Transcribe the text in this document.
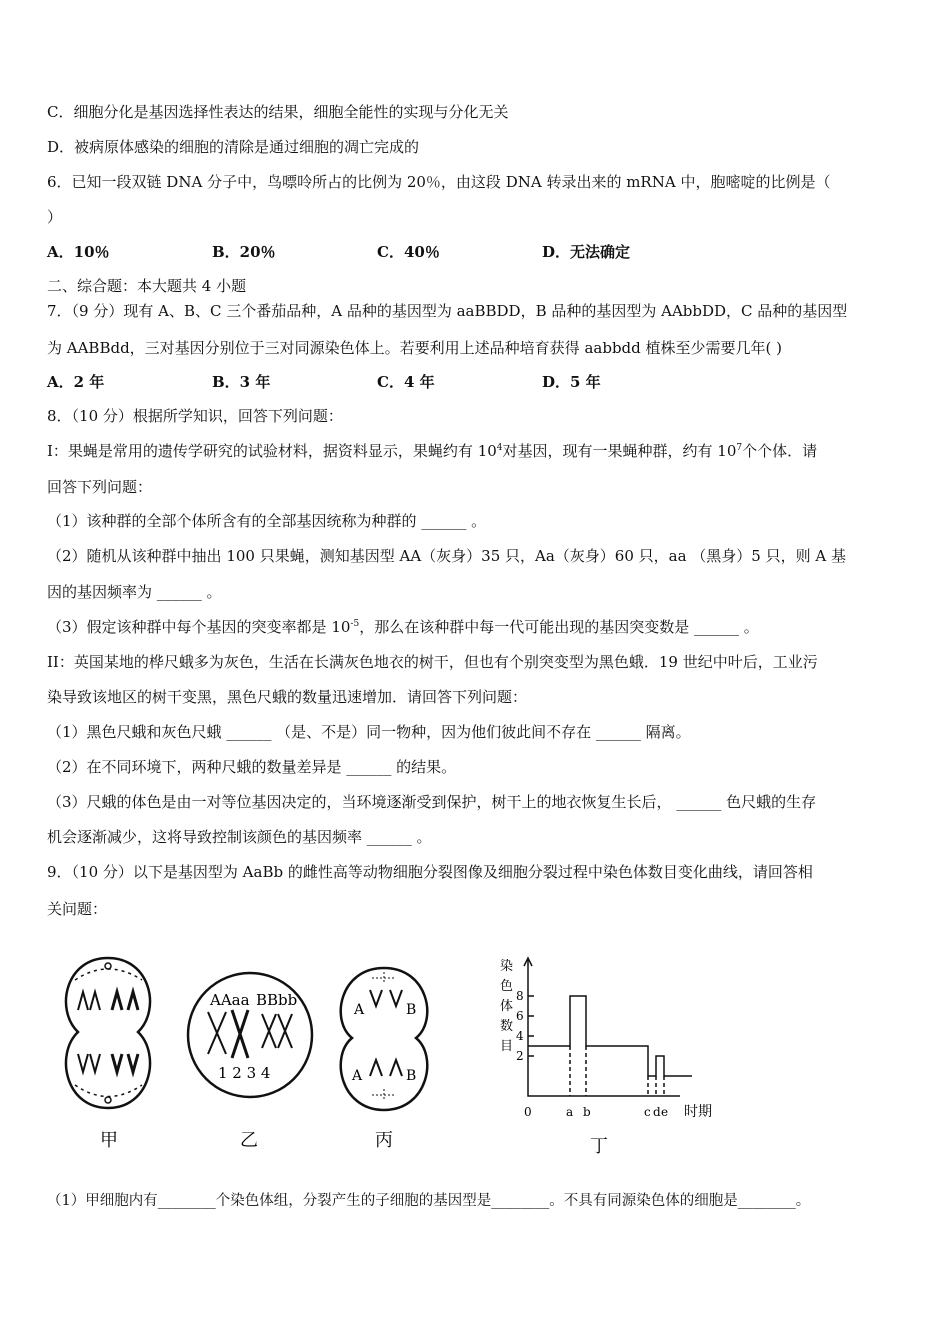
C．细胞分化是基因选择性表达的结果，细胞全能性的实现与分化无关
D．被病原体感染的细胞的清除是通过细胞的凋亡完成的
6．已知一段双链 DNA 分子中，鸟嘌呤所占的比例为 20％，由这段 DNA 转录出来的 mRNA 中，胞嘧啶的比例是（
）
A．10％	B．20％	C．40％	D．无法确定
二、综合题：本大题共 4 小题
7．（9 分）现有 A、B、C 三个番茄品种，A 品种的基因型为 aaBBDD，B 品种的基因型为 AAbbDD，C 品种的基因型
为 AABBdd，三对基因分别位于三对同源染色体上。若要利用上述品种培育获得 aabbdd 植株至少需要几年( )
A．2 年	B．3 年	C．4 年	D．5 年
8．（10 分）根据所学知识，回答下列问题：
I：果蝇是常用的遗传学研究的试验材料，据资料显示，果蝇约有 $10^4$对基因，现有一果蝇种群，约有 $10^7$个个体．请
回答下列问题：
（1）该种群的全部个体所含有的全部基因统称为种群的 ______ 。
（2）随机从该种群中抽出 100 只果蝇，测知基因型 AA（灰身）35 只，Aa（灰身）60 只，aa （黑身）5 只，则 A 基
因的基因频率为 ______ 。
（3）假定该种群中每个基因的突变率都是 $10^{-5}$，那么在该种群中每一代可能出现的基因突变数是 ______ 。
II：英国某地的桦尺蛾多为灰色，生活在长满灰色地衣的树干，但也有个别突变型为黑色蛾．19 世纪中叶后，工业污
染导致该地区的树干变黑，黑色尺蛾的数量迅速增加．请回答下列问题：
（1）黑色尺蛾和灰色尺蛾 ______ （是、不是）同一物种，因为他们彼此间不存在 ______ 隔离。
（2）在不同环境下，两种尺蛾的数量差异是 ______ 的结果。
（3）尺蛾的体色是由一对等位基因决定的，当环境逐渐受到保护，树干上的地衣恢复生长后， ______ 色尺蛾的生存
机会逐渐减少，这将导致控制该颜色的基因频率 ______ 。
9．（10 分）以下是基因型为 AaBb 的雌性高等动物细胞分裂图像及细胞分裂过程中染色体数目变化曲线，请回答相
关问题：
AAaa BBbb
1 2 3 4
A	B
A	B
染
色
体
数
目
8
6
4
2
0	a b	c d e 时期
甲	乙	丙	丁
（1）甲细胞内有________个染色体组，分裂产生的子细胞的基因型是________。不具有同源染色体的细胞是________。
